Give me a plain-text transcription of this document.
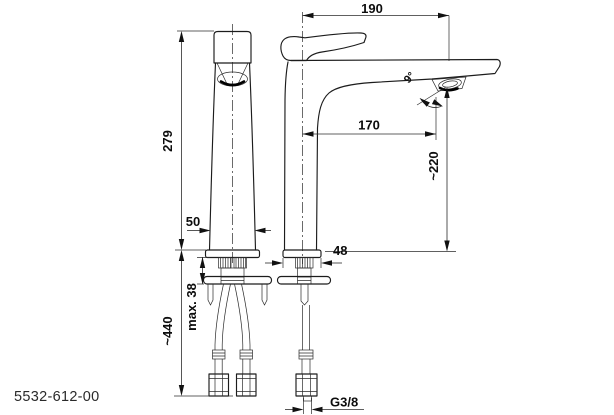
190
170
~220
279
~440
max. 38
50
48
G3/8
9°
5532-612-00
